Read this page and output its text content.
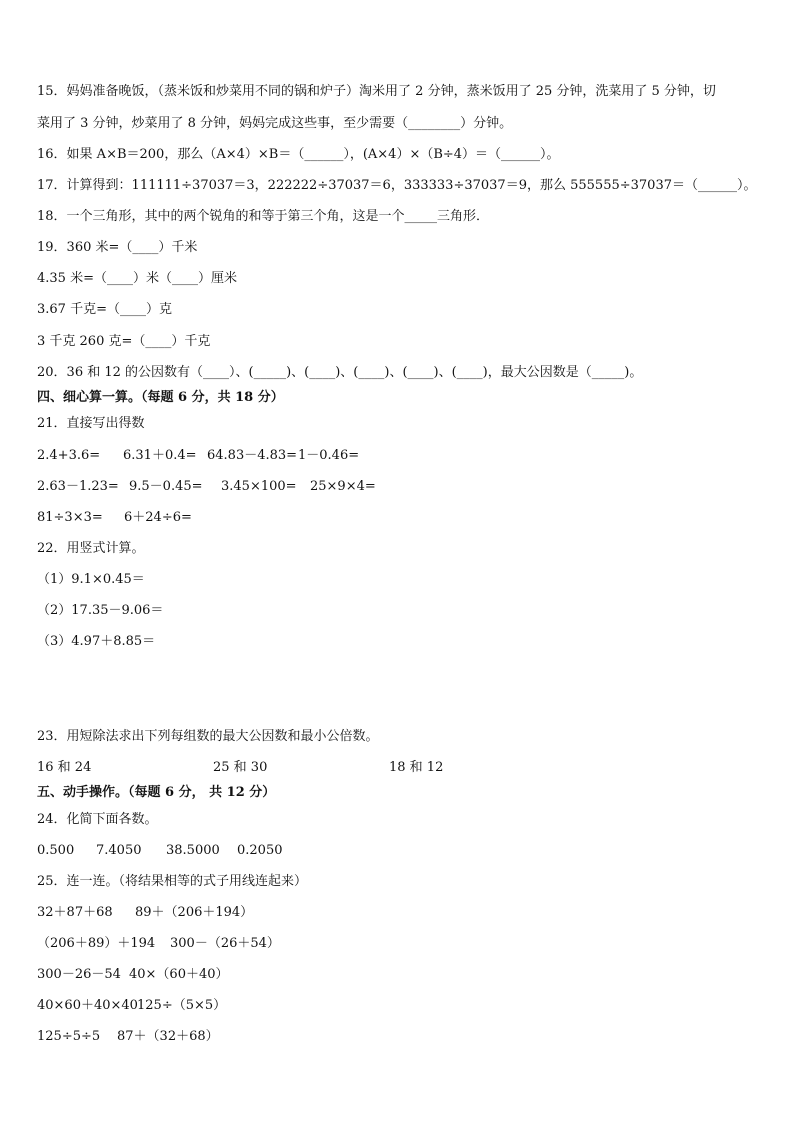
15．妈妈准备晚饭，（蒸米饭和炒菜用不同的锅和炉子）淘米用了 2 分钟，蒸米饭用了 25 分钟，洗菜用了 5 分钟，切
菜用了 3 分钟，炒菜用了 8 分钟，妈妈完成这些事，至少需要（________）分钟。
16．如果 A×B＝200，那么（A×4）×B＝（______），(A×4）×（B÷4）＝（______）。
17．计算得到：111111÷37037＝3，222222÷37037＝6，333333÷37037＝9，那么 555555÷37037＝（______）。
18．一个三角形，其中的两个锐角的和等于第三个角，这是一个_____三角形．
19．360 米=（____）千米
4.35 米=（____）米（____）厘米
3.67 千克=（____）克
3 千克 260 克=（____）千克
20．36 和 12 的公因数有（____）、(_____)、(____)、(____)、(____)、(____)，最大公因数是（_____)。
四、细心算一算。（每题 6 分，共 18 分）
21．直接写出得数
2.4+3.6= 6.31＋0.4= 64.83－4.83=1－0.46=
2.63－1.23= 9.5－0.45= 3.45×100= 25×9×4=
81÷3×3= 6＋24÷6=
22．用竖式计算。
（1）9.1×0.45＝
（2）17.35－9.06＝
（3）4.97＋8.85＝
23．用短除法求出下列每组数的最大公因数和最小公倍数。
16 和 24	25 和 30	18 和 12
五、动手操作。（每题 6 分， 共 12 分）
24．化简下面各数。
0.500 7.4050 38.5000 0.2050
25．连一连。（将结果相等的式子用线连起来）
32＋87＋68 89＋（206＋194）
（206＋89）＋194 300－（26＋54）
300－26－54 40×（60＋40）
40×60＋40×40125÷（5×5）
125÷5÷5 87＋（32＋68）
